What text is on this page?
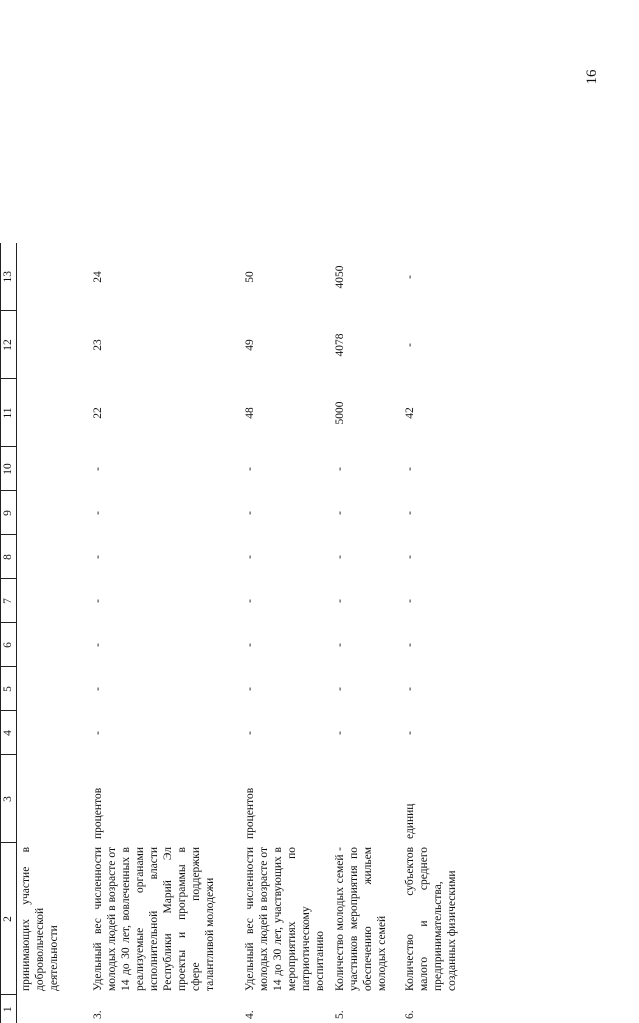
16
1	2	3	4	5	6	7	8	9	10	11	12	13
	принимающих участие в добровольческой деятельности											
3.	Удельный вес численности молодых людей в возрасте от 14 до 30 лет, вовлеченных в реализуемые органами исполнительной власти Республики Марий Эл проекты и программы в сфере поддержки талантливой молодежи	процентов	-	-	-	-	-	-	-	22	23	24
4.	Удельный вес численности молодых людей в возрасте от 14 до 30 лет, участвующих в мероприятиях по патриотическому воспитанию	процентов	-	-	-	-	-	-	-	48	49	50
5.	Количество молодых семей - участников мероприятия по обеспечению жильем молодых семей		-	-	-	-	-	-	-	5000	4078	4050
6.	Количество субъектов малого и среднего предпринимательства, созданных физическими	единиц	-	-	-	-	-	-	-	42	-	-
